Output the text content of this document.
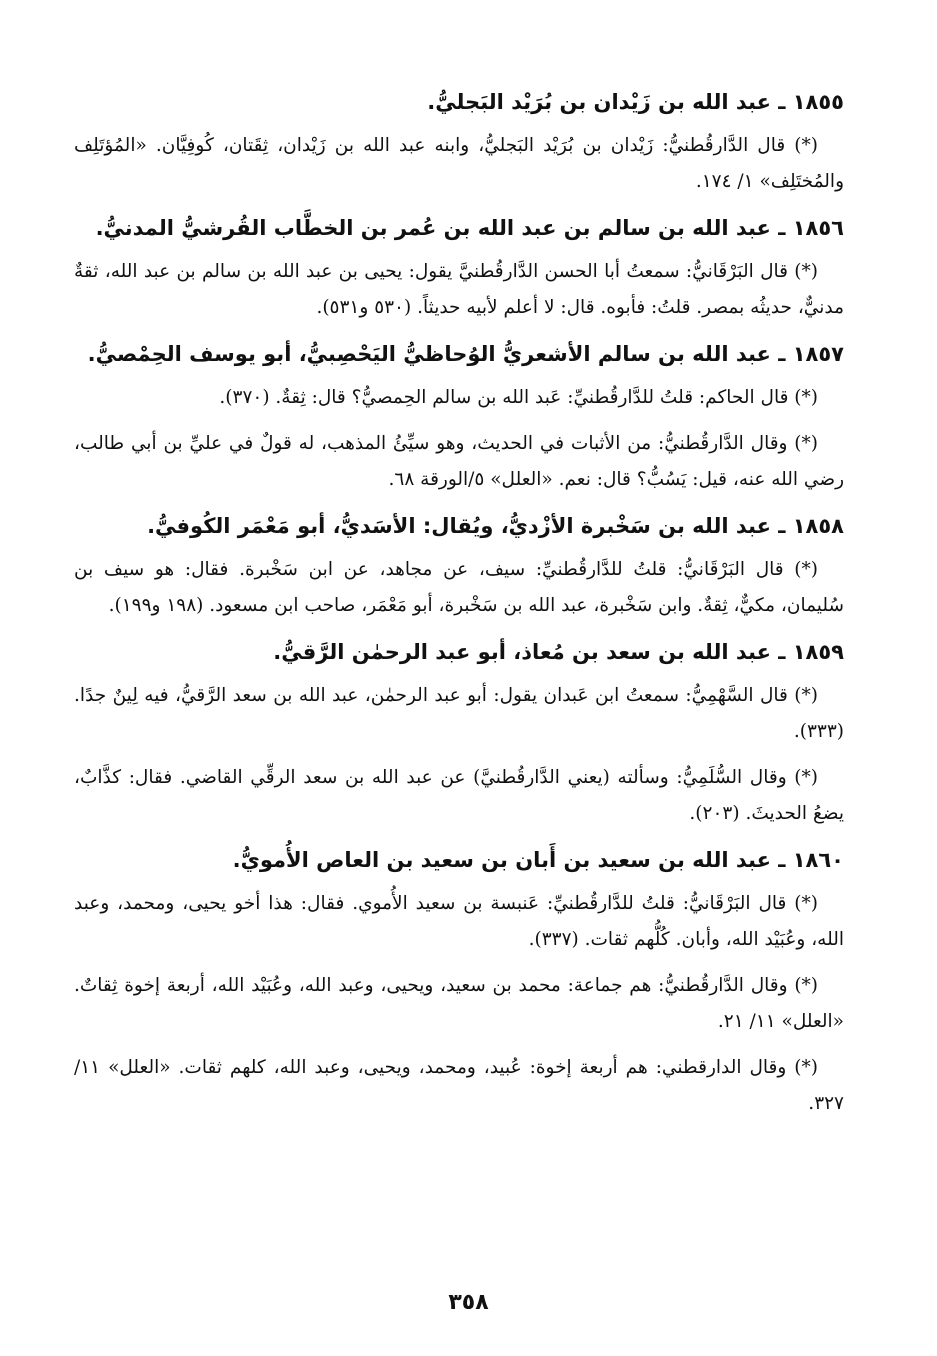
١٨٥٥ ـ عبد الله بن زَيْدان بن بُرَيْد البَجليُّ.

(*) قال الدَّارقُطنيُّ: زَيْدان بن بُرَيْد البَجليُّ، وابنه عبد الله بن زَيْدان، ثِقَتان، كُوفِيَّان. «المُؤتَلِف والمُختَلِف» ١/ ١٧٤.

١٨٥٦ ـ عبد الله بن سالم بن عبد الله بن عُمر بن الخطَّاب القُرشيُّ المدنيُّ.

(*) قال البَرْقَانيُّ: سمعتُ أبا الحسن الدَّارقُطنيَّ يقول: يحيى بن عبد الله بن سالم بن عبد الله، ثقةٌ مدنيٌّ، حديثُه بمصر. قلتُ: فأبوه. قال: لا أعلم لأبيه حديثاً. (٥٣٠ و٥٣١).

١٨٥٧ ـ عبد الله بن سالم الأشعريُّ الوُحاظيُّ اليَحْصِبيُّ، أبو يوسف الحِمْصيُّ.

(*) قال الحاكم: قلتُ للدَّارقُطنيِّ: عَبد الله بن سالم الحِمصيُّ؟ قال: ثِقةٌ. (٣٧٠).

(*) وقال الدَّارقُطنيُّ: من الأثبات في الحديث، وهو سيِّئُ المذهب، له قولٌ في عليِّ بن أبي طالب، رضي الله عنه، قيل: يَسُبُّ؟ قال: نعم. «العلل» ٥/الورقة ٦٨.

١٨٥٨ ـ عبد الله بن سَخْبرة الأزْديُّ، ويُقال: الأسَديُّ، أبو مَعْمَر الكُوفيُّ.

(*) قال البَرْقَانيُّ: قلتُ للدَّارقُطنيِّ: سيف، عن مجاهد، عن ابن سَخْبرة. فقال: هو سيف بن سُليمان، مكيٌّ، ثِقةٌ. وابن سَخْبرة، عبد الله بن سَخْبرة، أبو مَعْمَر، صاحب ابن مسعود. (١٩٨ و١٩٩).

١٨٥٩ ـ عبد الله بن سعد بن مُعاذ، أبو عبد الرحمٰن الرَّقيُّ.

(*) قال السَّهْمِيُّ: سمعتُ ابن عَبدان يقول: أبو عبد الرحمٰن، عبد الله بن سعد الرَّقيُّ، فيه لِينٌ جدًا. (٣٣٣).

(*) وقال السُّلَمِيُّ: وسألته (يعني الدَّارقُطنيَّ) عن عبد الله بن سعد الرقِّي القاضي. فقال: كذَّابٌ، يضعُ الحديثَ. (٢٠٣).

١٨٦٠ ـ عبد الله بن سعيد بن أَبان بن سعيد بن العاص الأُمويُّ.

(*) قال البَرْقَانيُّ: قلتُ للدَّارقُطنيِّ: عَنبسة بن سعيد الأُموي. فقال: هذا أخو يحيى، ومحمد، وعبد الله، وعُبَيْد الله، وأبان. كُلُّهم ثقات. (٣٣٧).

(*) وقال الدَّارقُطنيُّ: هم جماعة: محمد بن سعيد، ويحيى، وعبد الله، وعُبَيْد الله، أربعة إخوة ثِقاتٌ. «العلل» ١١/ ٢١.

(*) وقال الدارقطني: هم أربعة إخوة: عُبيد، ومحمد، ويحيى، وعبد الله، كلهم ثقات. «العلل» ١١/ ٣٢٧.

٣٥٨
